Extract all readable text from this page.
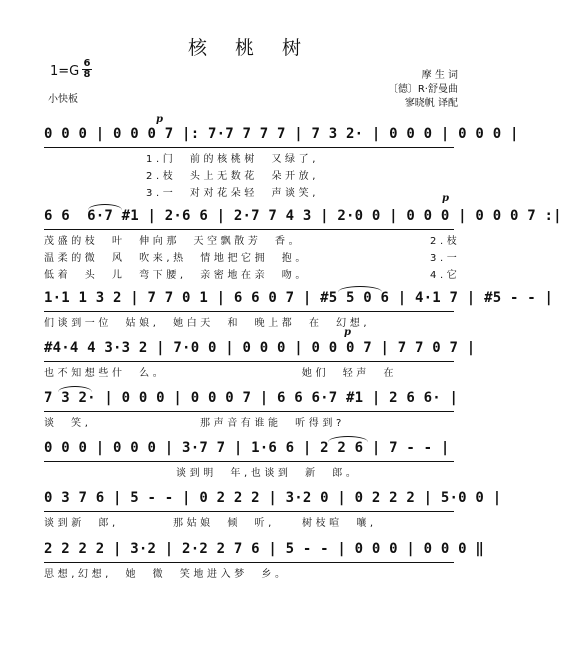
核 桃 树
$1=G \frac{6}{8}$
小快板
摩 生 词
〔德〕R·舒曼曲
寥晓帆 译配
p
p
p
0 0 0 | 0 0 0 7 |: 7·7 7 7 7 | 7 3 2· | 0 0 0 | 0 0 0 |
1.门  前的核桃树  又绿了,
2.枝  头上无数花  朵开放,
3.一  对对花朵轻  声谈笑,
6 6  6·7 #1 | 2·6 6 | 2·7 7 4 3 | 2·0 0 | 0 0 0 | 0 0 0 7 :|
茂盛的枝  叶  伸向那  天空飘散芳  香。
温柔的微  风  吹来,热  情地把它拥  抱。
低着  头  儿  弯下腰,  亲密地在亲  吻。
2.枝
3.一
4.它
1·1 1 3 2 | 7 7 0 1 | 6 6 0 7 | #5 5 0 6 | 4·1 7 | #5 - - |
们谈到一位  姑娘,  她白天  和  晚上都  在  幻想,
#4·4 4 3·3 2 | 7·0 0 | 0 0 0 | 0 0 0 7 | 7 7 0 7 |
也不知想些什  么。                    她们  轻声  在
7 3 2· | 0 0 0 | 0 0 0 7 | 6 6 6·7 #1 | 2 6 6· |
谈  笑,                那声音有谁能  听得到?
0 0 0 | 0 0 0 | 3·7 7 | 1·6 6 | 2 2 6 | 7 - - |
谈到明  年,也谈到  新  郎。
0 3 7 6 | 5 - - | 0 2 2 2 | 3·2 0 | 0 2 2 2 | 5·0 0 |
谈到新  郎,        那姑娘  倾  听,    树枝喧  嚷,
2 2 2 2 | 3·2 | 2·2 2 7 6 | 5 - - | 0 0 0 | 0 0 0 ‖
思想,幻想,  她  微  笑地进入梦  乡。
